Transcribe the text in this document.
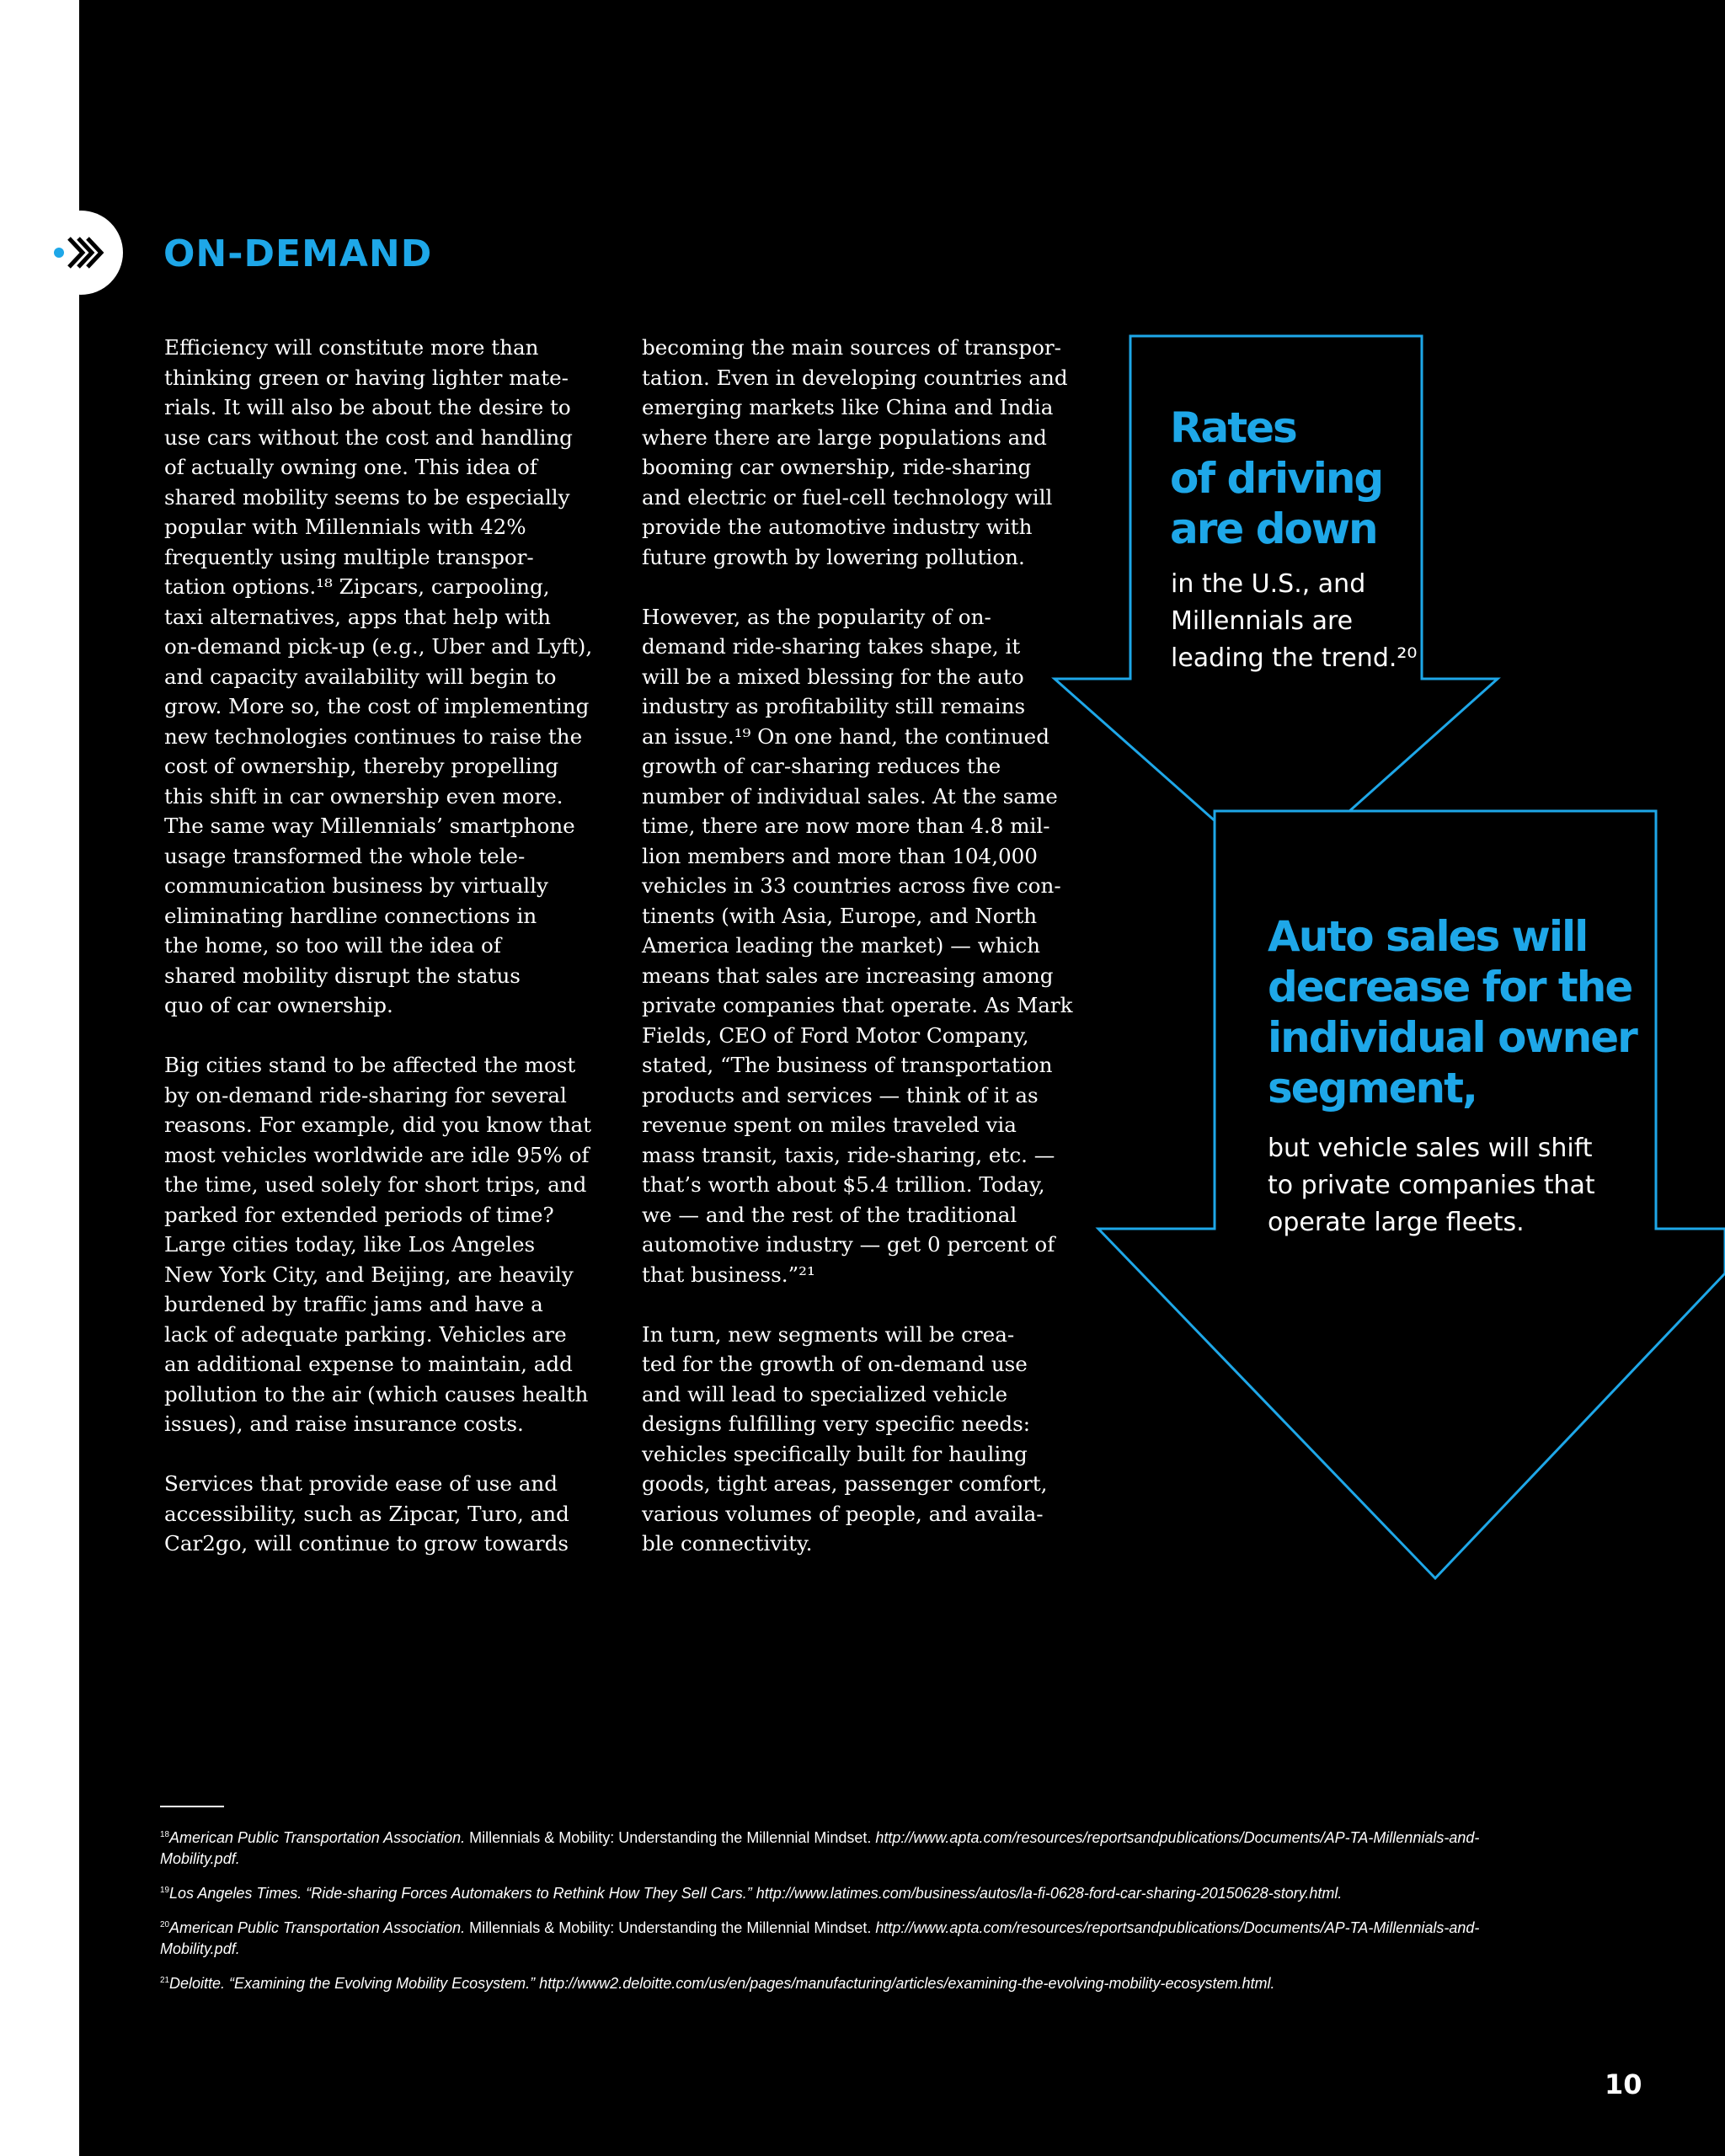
ON-DEMAND

Efficiency will constitute more than
thinking green or having lighter mate-
rials. It will also be about the desire to
use cars without the cost and handling
of actually owning one. This idea of
shared mobility seems to be especially
popular with Millennials with 42%
frequently using multiple transpor-
tation options.¹⁸ Zipcars, carpooling,
taxi alternatives, apps that help with
on-demand pick-up (e.g., Uber and Lyft),
and capacity availability will begin to
grow. More so, the cost of implementing
new technologies continues to raise the
cost of ownership, thereby propelling
this shift in car ownership even more.
The same way Millennials’ smartphone
usage transformed the whole tele-
communication business by virtually
eliminating hardline connections in
the home, so too will the idea of
shared mobility disrupt the status
quo of car ownership.

Big cities stand to be affected the most
by on-demand ride-sharing for several
reasons. For example, did you know that
most vehicles worldwide are idle 95% of
the time, used solely for short trips, and
parked for extended periods of time?
Large cities today, like Los Angeles
New York City, and Beijing, are heavily
burdened by traffic jams and have a
lack of adequate parking. Vehicles are
an additional expense to maintain, add
pollution to the air (which causes health
issues), and raise insurance costs.

Services that provide ease of use and
accessibility, such as Zipcar, Turo, and
Car2go, will continue to grow towards

becoming the main sources of transpor-
tation. Even in developing countries and
emerging markets like China and India
where there are large populations and
booming car ownership, ride-sharing
and electric or fuel-cell technology will
provide the automotive industry with
future growth by lowering pollution.

However, as the popularity of on-
demand ride-sharing takes shape, it
will be a mixed blessing for the auto
industry as profitability still remains
an issue.¹⁹ On one hand, the continued
growth of car-sharing reduces the
number of individual sales. At the same
time, there are now more than 4.8 mil-
lion members and more than 104,000
vehicles in 33 countries across five con-
tinents (with Asia, Europe, and North
America leading the market) — which
means that sales are increasing among
private companies that operate. As Mark
Fields, CEO of Ford Motor Company,
stated, “The business of transportation
products and services — think of it as
revenue spent on miles traveled via
mass transit, taxis, ride-sharing, etc. —
that’s worth about $5.4 trillion. Today,
we — and the rest of the traditional
automotive industry — get 0 percent of
that business.”²¹

In turn, new segments will be crea-
ted for the growth of on-demand use
and will lead to specialized vehicle
designs fulfilling very specific needs:
vehicles specifically built for hauling
goods, tight areas, passenger comfort,
various volumes of people, and availa-
ble connectivity.

Rates
of driving
are down

in the U.S., and
Millennials are
leading the trend.²⁰

Auto sales will
decrease for the
individual owner
segment,

but vehicle sales will shift
to private companies that
operate large fleets.

$^{18}$American Public Transportation Association. Millennials & Mobility: Understanding the Millennial Mindset. http://www.apta.com/resources/reportsandpublications/Documents/AP-TA-Millennials-and-Mobility.pdf.

$^{19}$Los Angeles Times. “Ride-sharing Forces Automakers to Rethink How They Sell Cars.” http://www.latimes.com/business/autos/la-fi-0628-ford-car-sharing-20150628-story.html.

$^{20}$American Public Transportation Association. Millennials & Mobility: Understanding the Millennial Mindset. http://www.apta.com/resources/reportsandpublications/Documents/AP-TA-Millennials-and-Mobility.pdf.

$^{21}$Deloitte. “Examining the Evolving Mobility Ecosystem.” http://www2.deloitte.com/us/en/pages/manufacturing/articles/examining-the-evolving-mobility-ecosystem.html.

10
